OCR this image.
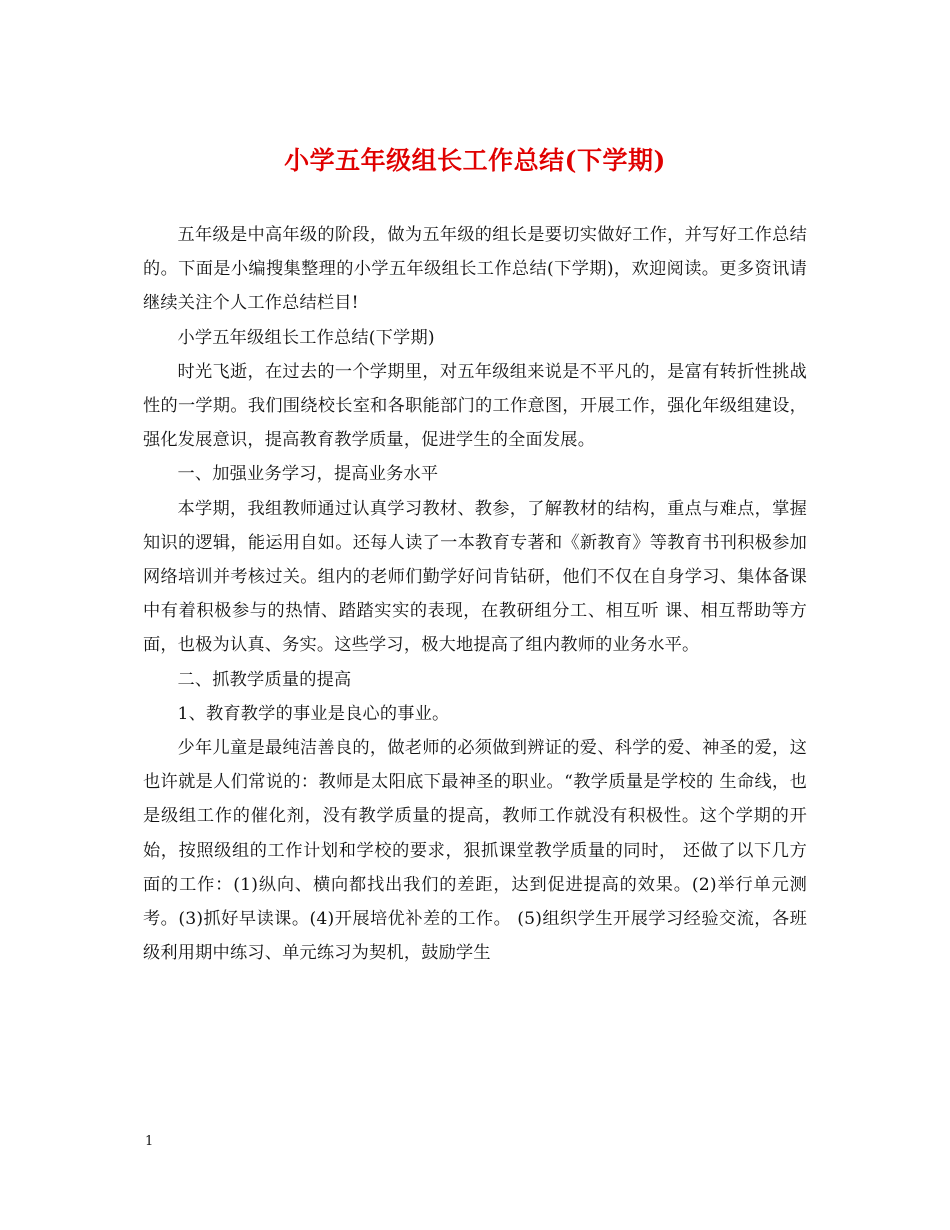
小学五年级组长工作总结(下学期)

五年级是中高年级的阶段，做为五年级的组长是要切实做好工作，并写好工作总结的。下面是小编搜集整理的小学五年级组长工作总结(下学期)，欢迎阅读。更多资讯请继续关注个人工作总结栏目!

小学五年级组长工作总结(下学期)

时光飞逝，在过去的一个学期里，对五年级组来说是不平凡的，是富有转折性挑战性的一学期。我们围绕校长室和各职能部门的工作意图，开展工作，强化年级组建设，强化发展意识，提高教育教学质量，促进学生的全面发展。

一、加强业务学习，提高业务水平

本学期，我组教师通过认真学习教材、教参，了解教材的结构，重点与难点，掌握知识的逻辑，能运用自如。还每人读了一本教育专著和《新教育》等教育书刊积极参加网络培训并考核过关。组内的老师们勤学好问肯钻研，他们不仅在自身学习、集体备课中有着积极参与的热情、踏踏实实的表现，在教研组分工、相互听 课、相互帮助等方面，也极为认真、务实。这些学习，极大地提高了组内教师的业务水平。

二、抓教学质量的提高

1、教育教学的事业是良心的事业。

少年儿童是最纯洁善良的，做老师的必须做到辨证的爱、科学的爱、神圣的爱，这也许就是人们常说的：教师是太阳底下最神圣的职业。“教学质量是学校的 生命线，也是级组工作的催化剂，没有教学质量的提高，教师工作就没有积极性。这个学期的开始，按照级组的工作计划和学校的要求，狠抓课堂教学质量的同时， 还做了以下几方面的工作：(1)纵向、横向都找出我们的差距，达到促进提高的效果。(2)举行单元测考。(3)抓好早读课。(4)开展培优补差的工作。 (5)组织学生开展学习经验交流，各班级利用期中练习、单元练习为契机，鼓励学生

1
